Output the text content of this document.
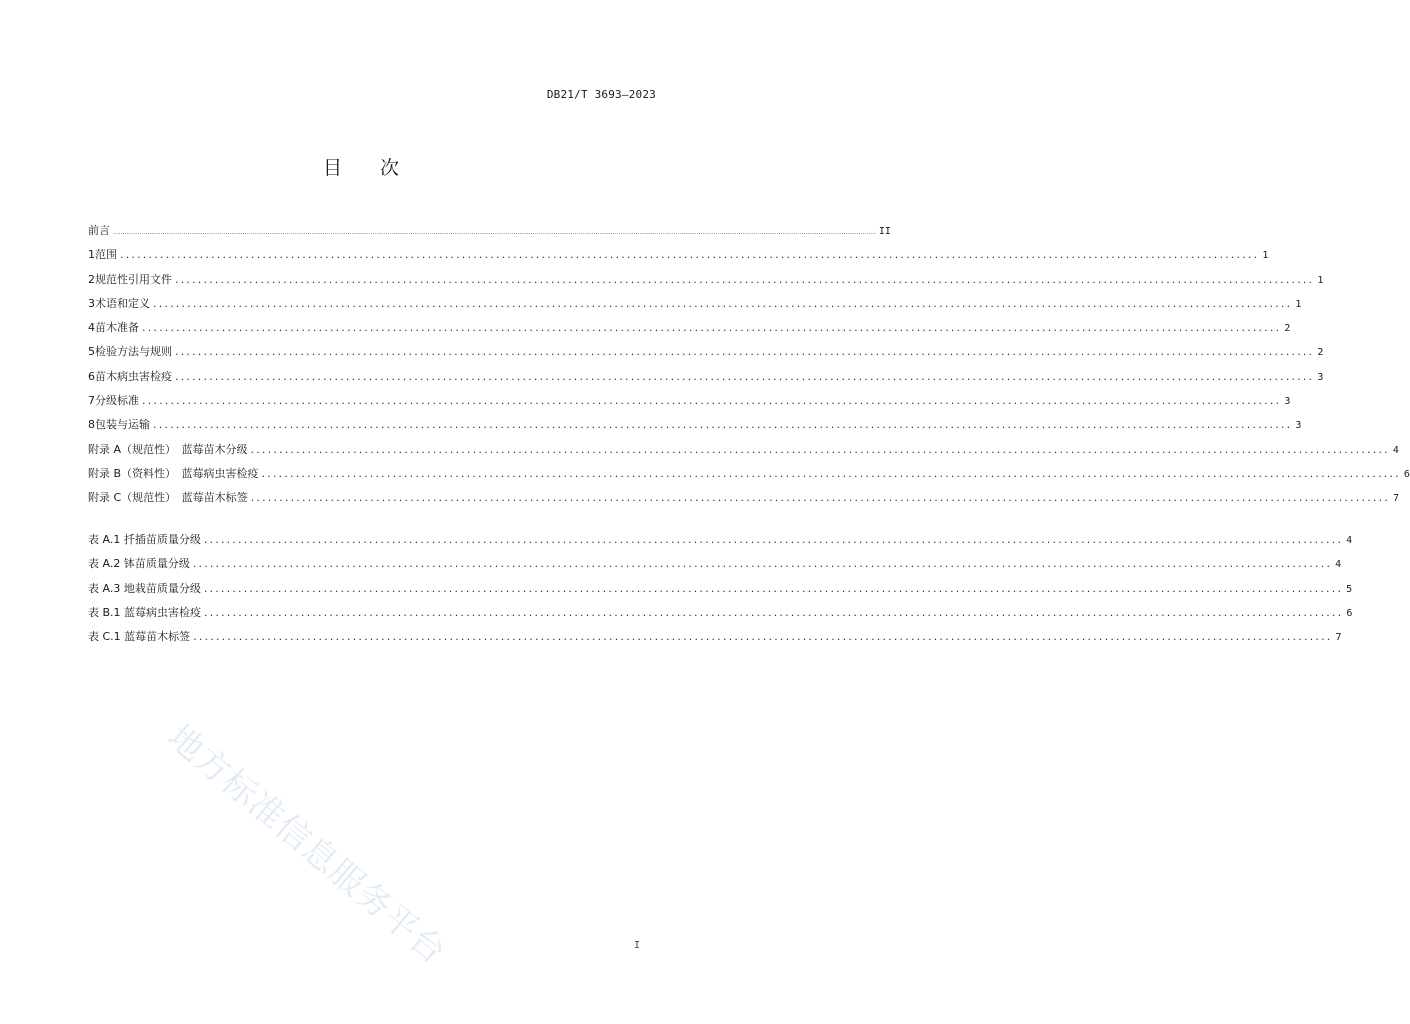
DB21/T 3693—2023
目 次
前言 ................................................................................................................................................................................................................................................................................................................................................................................................................ II
1 范围 ........................................................................................................................................................................................................ 1
2 规范性引用文件 ........................................................................................................................................................................................................ 1
3 术语和定义 ........................................................................................................................................................................................................ 1
4 苗木准备 ........................................................................................................................................................................................................ 2
5 检验方法与规则 ........................................................................................................................................................................................................ 2
6 苗木病虫害检疫 ........................................................................................................................................................................................................ 3
7 分级标准 ........................................................................................................................................................................................................ 3
8 包装与运输 ........................................................................................................................................................................................................ 3
附录 A（规范性）　蓝莓苗木分级 ........................................................................................................................................................................................................ 4
附录 B（资料性）　蓝莓病虫害检疫 ........................................................................................................................................................................................................ 6
附录 C（规范性）　蓝莓苗木标签 ........................................................................................................................................................................................................ 7
表 A.1 扦插苗质量分级 ........................................................................................................................................................................................................ 4
表 A.2 钵苗质量分级 ........................................................................................................................................................................................................ 4
表 A.3 地栽苗质量分级 ........................................................................................................................................................................................................ 5
表 B.1 蓝莓病虫害检疫 ........................................................................................................................................................................................................ 6
表 C.1 蓝莓苗木标签 ........................................................................................................................................................................................................ 7
地方标准信息服务平台	I
